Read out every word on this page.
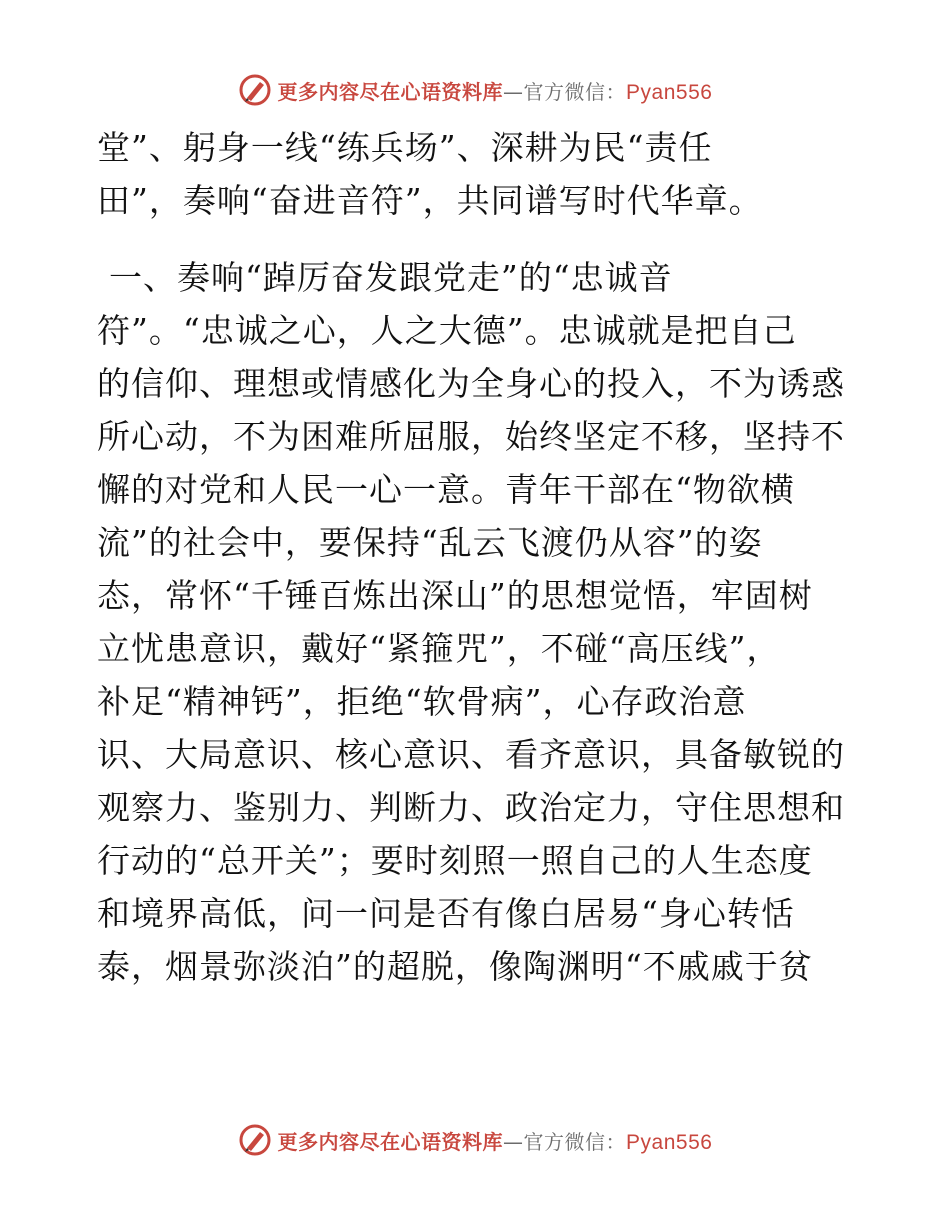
更多内容尽在心语资料库—官方微信：Pyan556
堂”、躬身一线“练兵场”、深耕为民“责任
田”，奏响“奋进音符”，共同谱写时代华章。
一、奏响“踔厉奋发跟党走”的“忠诚音
符”。“忠诚之心，人之大德”。忠诚就是把自己
的信仰、理想或情感化为全身心的投入，不为诱惑
所心动，不为困难所屈服，始终坚定不移，坚持不
懈的对党和人民一心一意。青年干部在“物欲横
流”的社会中，要保持“乱云飞渡仍从容”的姿
态，常怀“千锤百炼出深山”的思想觉悟，牢固树
立忧患意识，戴好“紧箍咒”，不碰“高压线”，
补足“精神钙”，拒绝“软骨病”，心存政治意
识、大局意识、核心意识、看齐意识，具备敏锐的
观察力、鉴别力、判断力、政治定力，守住思想和
行动的“总开关”；要时刻照一照自己的人生态度
和境界高低，问一问是否有像白居易“身心转恬
泰，烟景弥淡泊”的超脱，像陶渊明“不戚戚于贫
更多内容尽在心语资料库—官方微信：Pyan556
